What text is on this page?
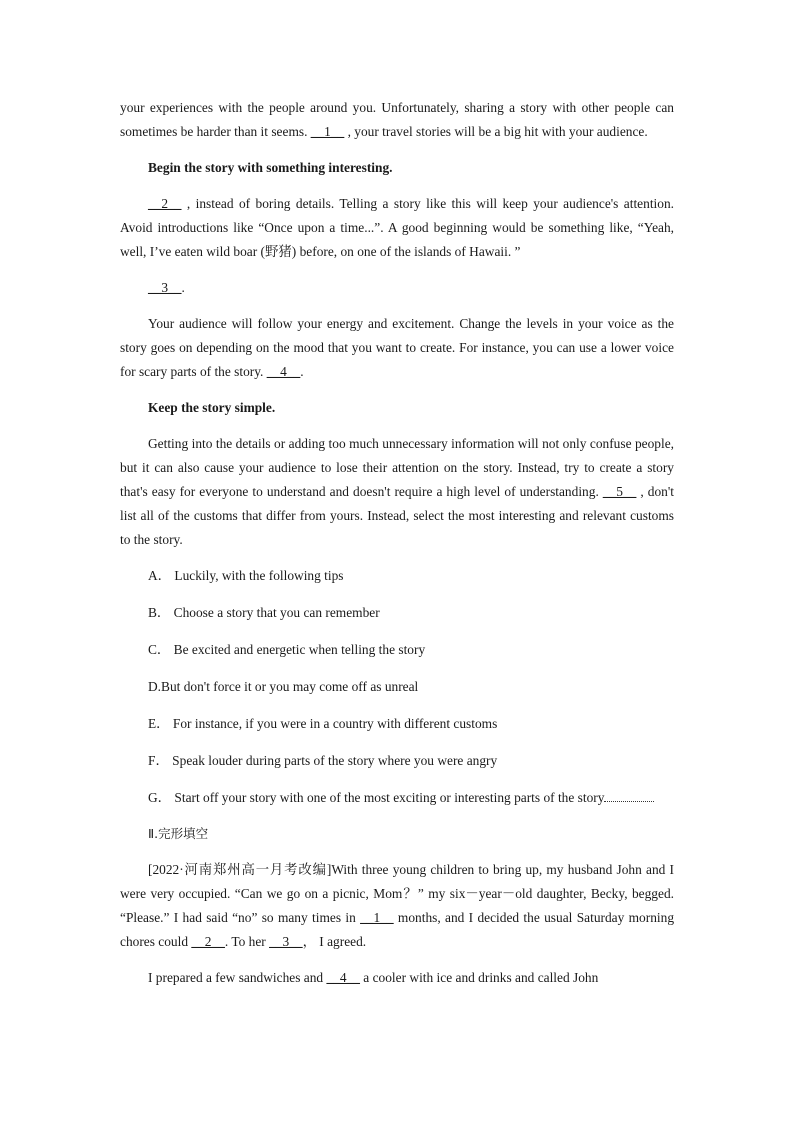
your experiences with the people around you. Unfortunately, sharing a story with other people can sometimes be harder than it seems. __1__ , your travel stories will be a big hit with your audience.

Begin the story with something interesting.

__2__ , instead of boring details. Telling a story like this will keep your audience's attention. Avoid introductions like “Once upon a time...”. A good beginning would be something like, “Yeah, well, I’ve eaten wild boar (野猪) before, on one of the islands of Hawaii. ”

__3__.

Your audience will follow your energy and excitement. Change the levels in your voice as the story goes on depending on the mood that you want to create. For instance, you can use a lower voice for scary parts of the story. __4__.

Keep the story simple.

Getting into the details or adding too much unnecessary information will not only confuse people, but it can also cause your audience to lose their attention on the story. Instead, try to create a story that's easy for everyone to understand and doesn't require a high level of understanding. __5__ , don't list all of the customs that differ from yours. Instead, select the most interesting and relevant customs to the story.

A． Luckily, with the following tips

B． Choose a story that you can remember

C． Be excited and energetic when telling the story

D.But don't force it or you may come off as unreal

E． For instance, if you were in a country with different customs

F． Speak louder during parts of the story where you were angry

G． Start off your story with one of the most exciting or interesting parts of the story

Ⅱ.完形填空

[2022·河南郑州高一月考改编]With three young children to bring up, my husband John and I were very occupied. “Can we go on a picnic, Mom？” my six－year－old daughter, Becky, begged. “Please.” I had said “no” so many times in __1__ months, and I decided the usual Saturday morning chores could __2__. To her __3__， I agreed.

I prepared a few sandwiches and __4__ a cooler with ice and drinks and called John
